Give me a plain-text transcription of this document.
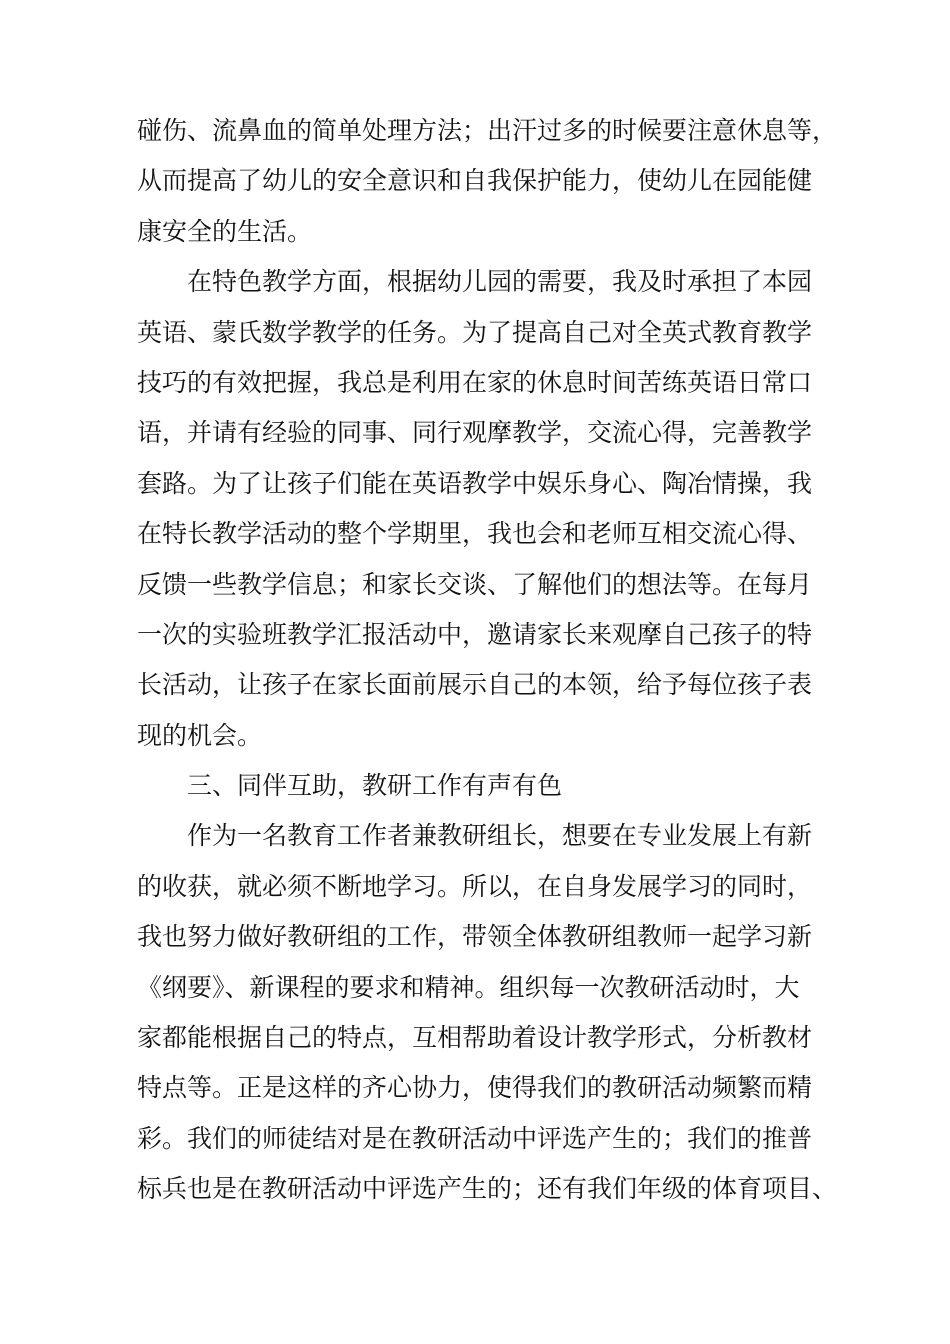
碰伤、流鼻血的简单处理方法；出汗过多的时候要注意休息等，
从而提高了幼儿的安全意识和自我保护能力，使幼儿在园能健
康安全的生活。
在特色教学方面，根据幼儿园的需要，我及时承担了本园
英语、蒙氏数学教学的任务。为了提高自己对全英式教育教学
技巧的有效把握，我总是利用在家的休息时间苦练英语日常口
语，并请有经验的同事、同行观摩教学，交流心得，完善教学
套路。为了让孩子们能在英语教学中娱乐身心、陶冶情操，我
在特长教学活动的整个学期里，我也会和老师互相交流心得、
反馈一些教学信息；和家长交谈、了解他们的想法等。在每月
一次的实验班教学汇报活动中，邀请家长来观摩自己孩子的特
长活动，让孩子在家长面前展示自己的本领，给予每位孩子表
现的机会。
三、同伴互助，教研工作有声有色
作为一名教育工作者兼教研组长，想要在专业发展上有新
的收获，就必须不断地学习。所以，在自身发展学习的同时，
我也努力做好教研组的工作，带领全体教研组教师一起学习新
《纲要》、新课程的要求和精神。组织每一次教研活动时，大
家都能根据自己的特点，互相帮助着设计教学形式，分析教材
特点等。正是这样的齐心协力，使得我们的教研活动频繁而精
彩。我们的师徒结对是在教研活动中评选产生的；我们的推普
标兵也是在教研活动中评选产生的；还有我们年级的体育项目、
